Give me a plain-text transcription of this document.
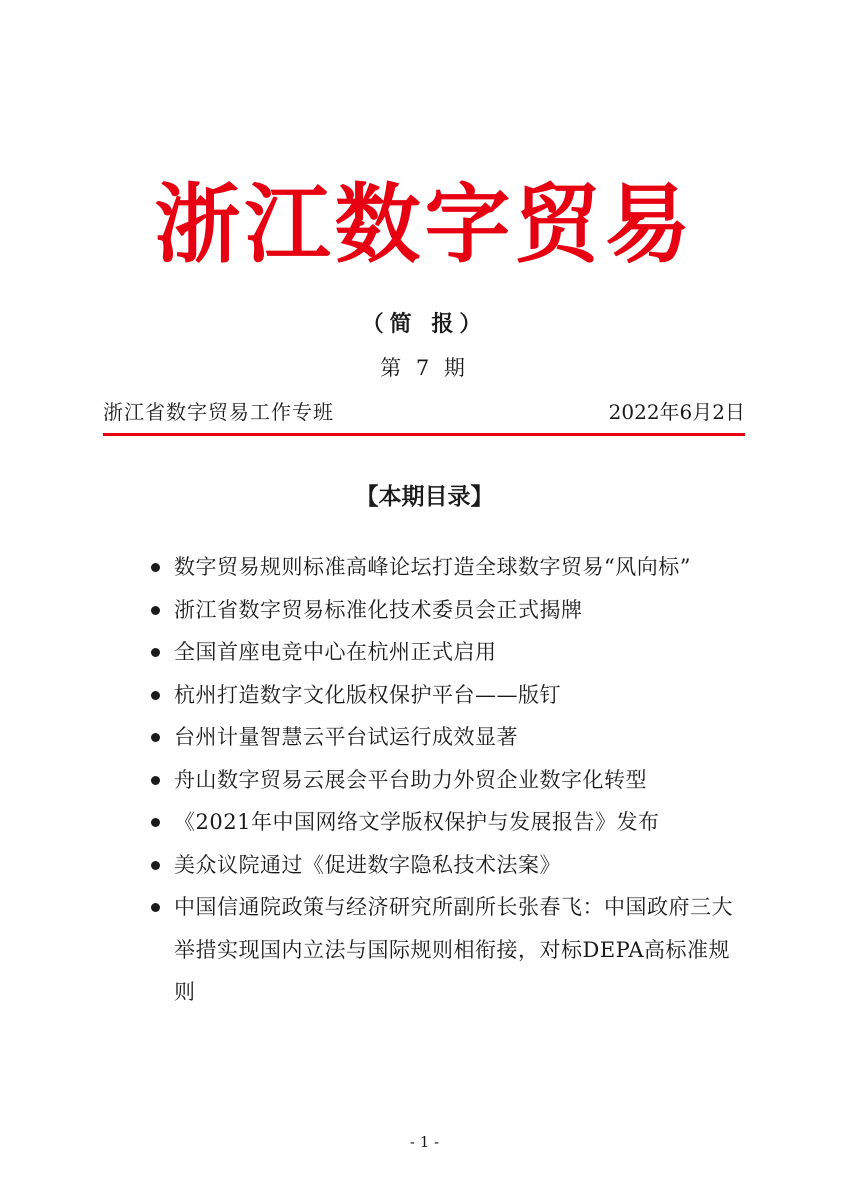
浙江数字贸易
（简 报）
第 7 期
浙江省数字贸易工作专班	2022年6月2日
【本期目录】
数字贸易规则标准高峰论坛打造全球数字贸易“风向标”
浙江省数字贸易标准化技术委员会正式揭牌
全国首座电竞中心在杭州正式启用
杭州打造数字文化版权保护平台——版钉
台州计量智慧云平台试运行成效显著
舟山数字贸易云展会平台助力外贸企业数字化转型
《2021年中国网络文学版权保护与发展报告》发布
美众议院通过《促进数字隐私技术法案》
中国信通院政策与经济研究所副所长张春飞：中国政府三大举措实现国内立法与国际规则相衔接，对标DEPA高标准规则
- 1 -
